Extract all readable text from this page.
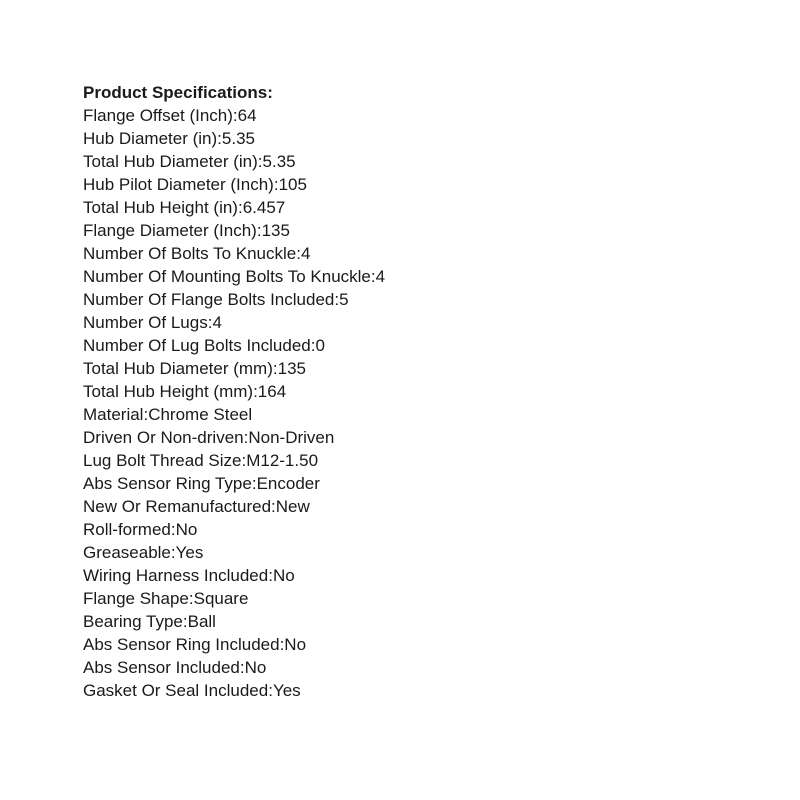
Product Specifications:
Flange Offset (Inch):64
Hub Diameter (in):5.35
Total Hub Diameter (in):5.35
Hub Pilot Diameter (Inch):105
Total Hub Height (in):6.457
Flange Diameter (Inch):135
Number Of Bolts To Knuckle:4
Number Of Mounting Bolts To Knuckle:4
Number Of Flange Bolts Included:5
Number Of Lugs:4
Number Of Lug Bolts Included:0
Total Hub Diameter (mm):135
Total Hub Height (mm):164
Material:Chrome Steel
Driven Or Non-driven:Non-Driven
Lug Bolt Thread Size:M12-1.50
Abs Sensor Ring Type:Encoder
New Or Remanufactured:New
Roll-formed:No
Greaseable:Yes
Wiring Harness Included:No
Flange Shape:Square
Bearing Type:Ball
Abs Sensor Ring Included:No
Abs Sensor Included:No
Gasket Or Seal Included:Yes
